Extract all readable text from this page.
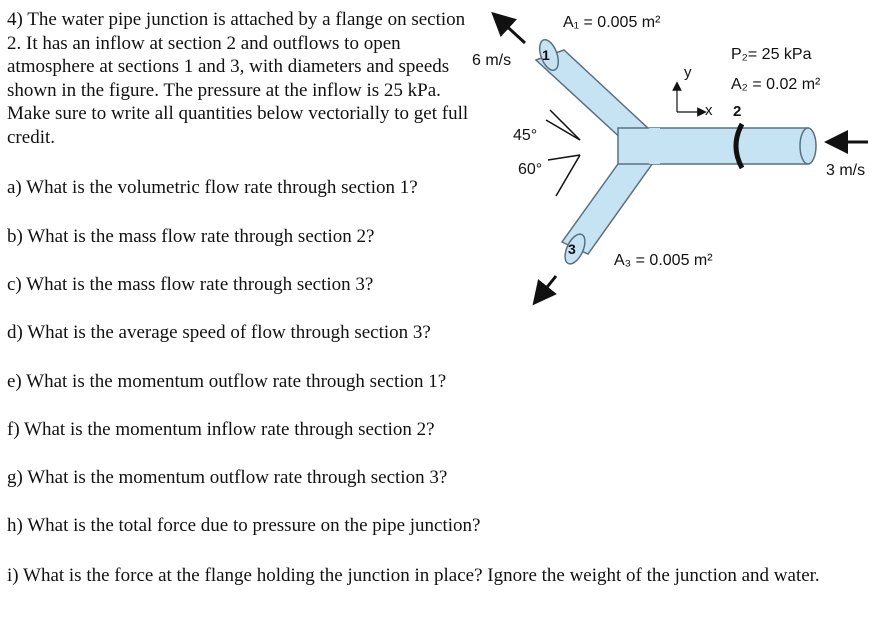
4) The water pipe junction is attached by a flange on section 2. It has an inflow at section 2 and outflows to open atmosphere at sections 1 and 3, with diameters and speeds shown in the figure. The pressure at the inflow is 25 kPa. Make sure to write all quantities below vectorially to get full credit.

a) What is the volumetric flow rate through section 1?

b) What is the mass flow rate through section 2?

c) What is the mass flow rate through section 3?

d) What is the average speed of flow through section 3?

e) What is the momentum outflow rate through section 1?

f) What is the momentum inflow rate through section 2?

g) What is the momentum outflow rate through section 3?

h) What is the total force due to pressure on the pipe junction?

i) What is the force at the flange holding the junction in place? Ignore the weight of the junction and water.

6 m/s
3 m/s
45°
60°
1
2
3
A₁ = 0.005 m²
P₂= 25 kPa
A₂ = 0.02 m²
A₃ = 0.005 m²
x
y
